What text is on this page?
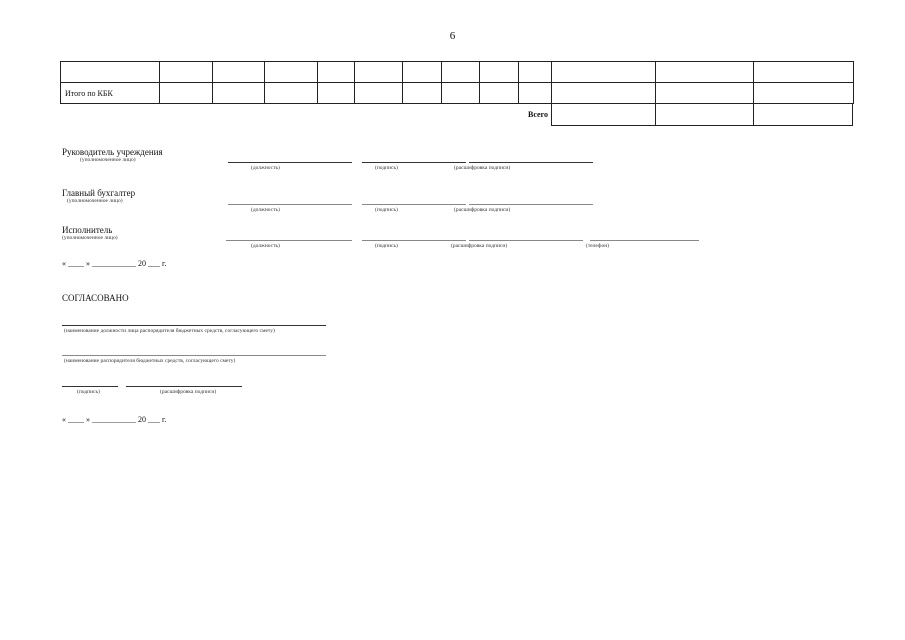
6

Итого по КБК												
Всего
Руководитель учреждения
(уполномоченное лицо)
(должность)	(подпись)	(расшифровка подписи)
Главный бухгалтер
(уполномоченное лицо)
(должность)	(подпись)	(расшифровка подписи)
Исполнитель
(уполномоченное лицо)
(должность)	(подпись)	(расшифровка подписи)	(телефон)
« ____ » ___________ 20 ___ г.
СОГЛАСОВАНО
(наименование должности лица распорядителя бюджетных средств, согласующего смету)
(наименование распорядителя бюджетных средств, согласующего смету)
(подпись)	(расшифровка подписи)
« ____ » ___________ 20 ___ г.
